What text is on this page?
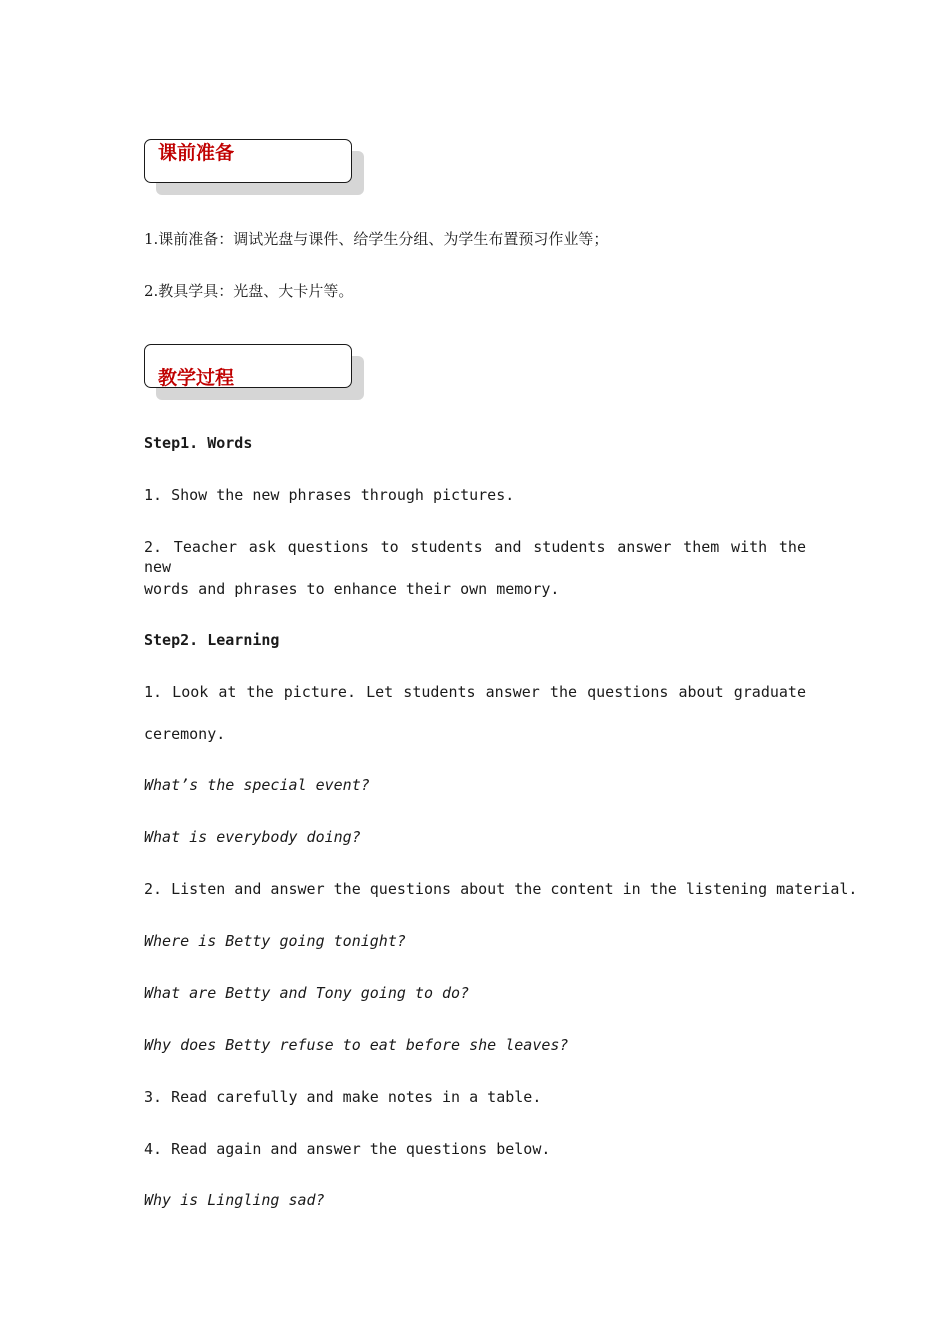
课前准备
1.课前准备：调试光盘与课件、给学生分组、为学生布置预习作业等；
2.教具学具：光盘、大卡片等。
教学过程
Step1. Words
1. Show the new phrases through pictures.
2. Teacher ask questions to students and students answer them with the new
words and phrases to enhance their own memory.
Step2. Learning
1. Look at the picture. Let students answer the questions about graduate
ceremony.
What’s the special event?
What is everybody doing?
2. Listen and answer the questions about the content in the listening material.
Where is Betty going tonight?
What are Betty and Tony going to do?
Why does Betty refuse to eat before she leaves?
3. Read carefully and make notes in a table.
4. Read again and answer the questions below.
Why is Lingling sad?
